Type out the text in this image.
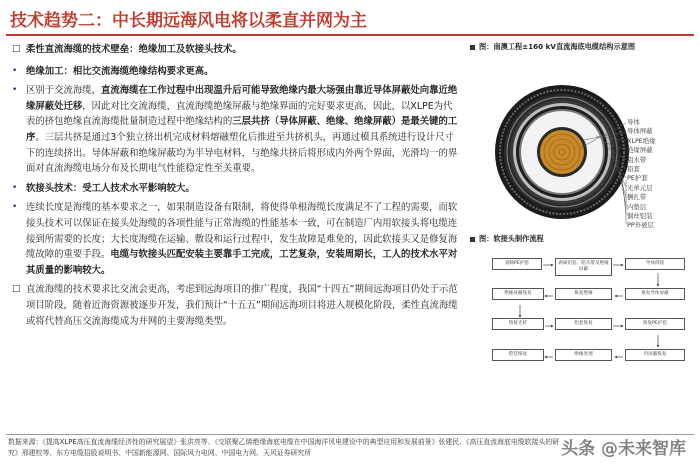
技术趋势二：中长期远海风电将以柔直并网为主
□ 柔性直流海缆的技术壁垒：绝缘加工及软接头技术。
• 绝缘加工：相比交流海缆绝缘结构要求更高。
• 区别于交流海缆，直流海缆在工作过程中出现温升后可能导致绝缘内最大场强由靠近导体屏蔽处向靠近绝缘屏蔽处迁移，因此对比交流海缆，直流海缆绝缘屏蔽与绝缘界面的完好要求更高，因此，以XLPE为代表的挤包绝缘直流海缆批量制造过程中绝缘结构的三层共挤（导体屏蔽、绝缘、绝缘屏蔽）是最关键的工序。三层共挤是通过3个独立挤出机完成材料熔融塑化后推进至共挤机头，再通过模具系统进行设计尺寸下的连续挤出。导体屏蔽和绝缘屏蔽均为半导电材料，与绝缘共挤后将形成内外两个界面，光滑均一的界面对直流海缆电场分布及长期电气性能稳定性至关重要。
• 软接头技术：受工人技术水平影响较大。
• 连续长度是海缆的基本要求之一，如果制造设备有限制，将使得单根海缆长度满足不了工程的需要，而软接头技术可以保证在接头处海缆的各项性能与正常海缆的性能基本一致，可在制造厂内用软接头将电缆连接到所需要的长度；大长度海缆在运输、敷设和运行过程中，发生故障是难免的，因此软接头又是修复海缆故障的重要手段。电缆与软接头匹配安装主要靠手工完成，工艺复杂，安装周期长，工人的技术水平对其质量的影响较大。
□ 直流海缆的技术要求比交流会更高，考虑到远海项目的推广程度，我国“十四五”期间远海项目仍处于示范项目阶段，随着近海资源被逐步开发，我们预计“十五五”期间远海项目将进入规模化阶段，柔性直流海缆或将代替高压交流海缆成为并网的主要海缆类型。
图：南澳工程±160 kV直流海底电缆结构示意图
导体
导体屏蔽
XLPE绝缘
绝缘屏蔽
阻水带
铅套
PE护套
光单元层
捆扎带
内垫层
铜丝铠装
PP外被层
图：软接头制作流程
剥除PE护套	剥离铅套、阻水带及绝缘屏蔽
导体焊接
恢复导体屏蔽
恢复绝缘
绝缘屏蔽恢复
熔接光纤	铅套恢复	恢复PE护套
内屏蔽恢复
绝缘处理
铠装恢复
数据来源：《提高XLPE高压直流海缆经济性的研究展望》张洪亮等、《交联聚乙烯绝缘海底电缆在中国海洋风电建设中的典型应用和发展前景》张建民、《高压直流海底电缆软接头的研究》邢建校等、东方电缆招股说明书、中国新能源网、国际风力电网、中国电力网、天风证券研究所	头条 @未来智库
